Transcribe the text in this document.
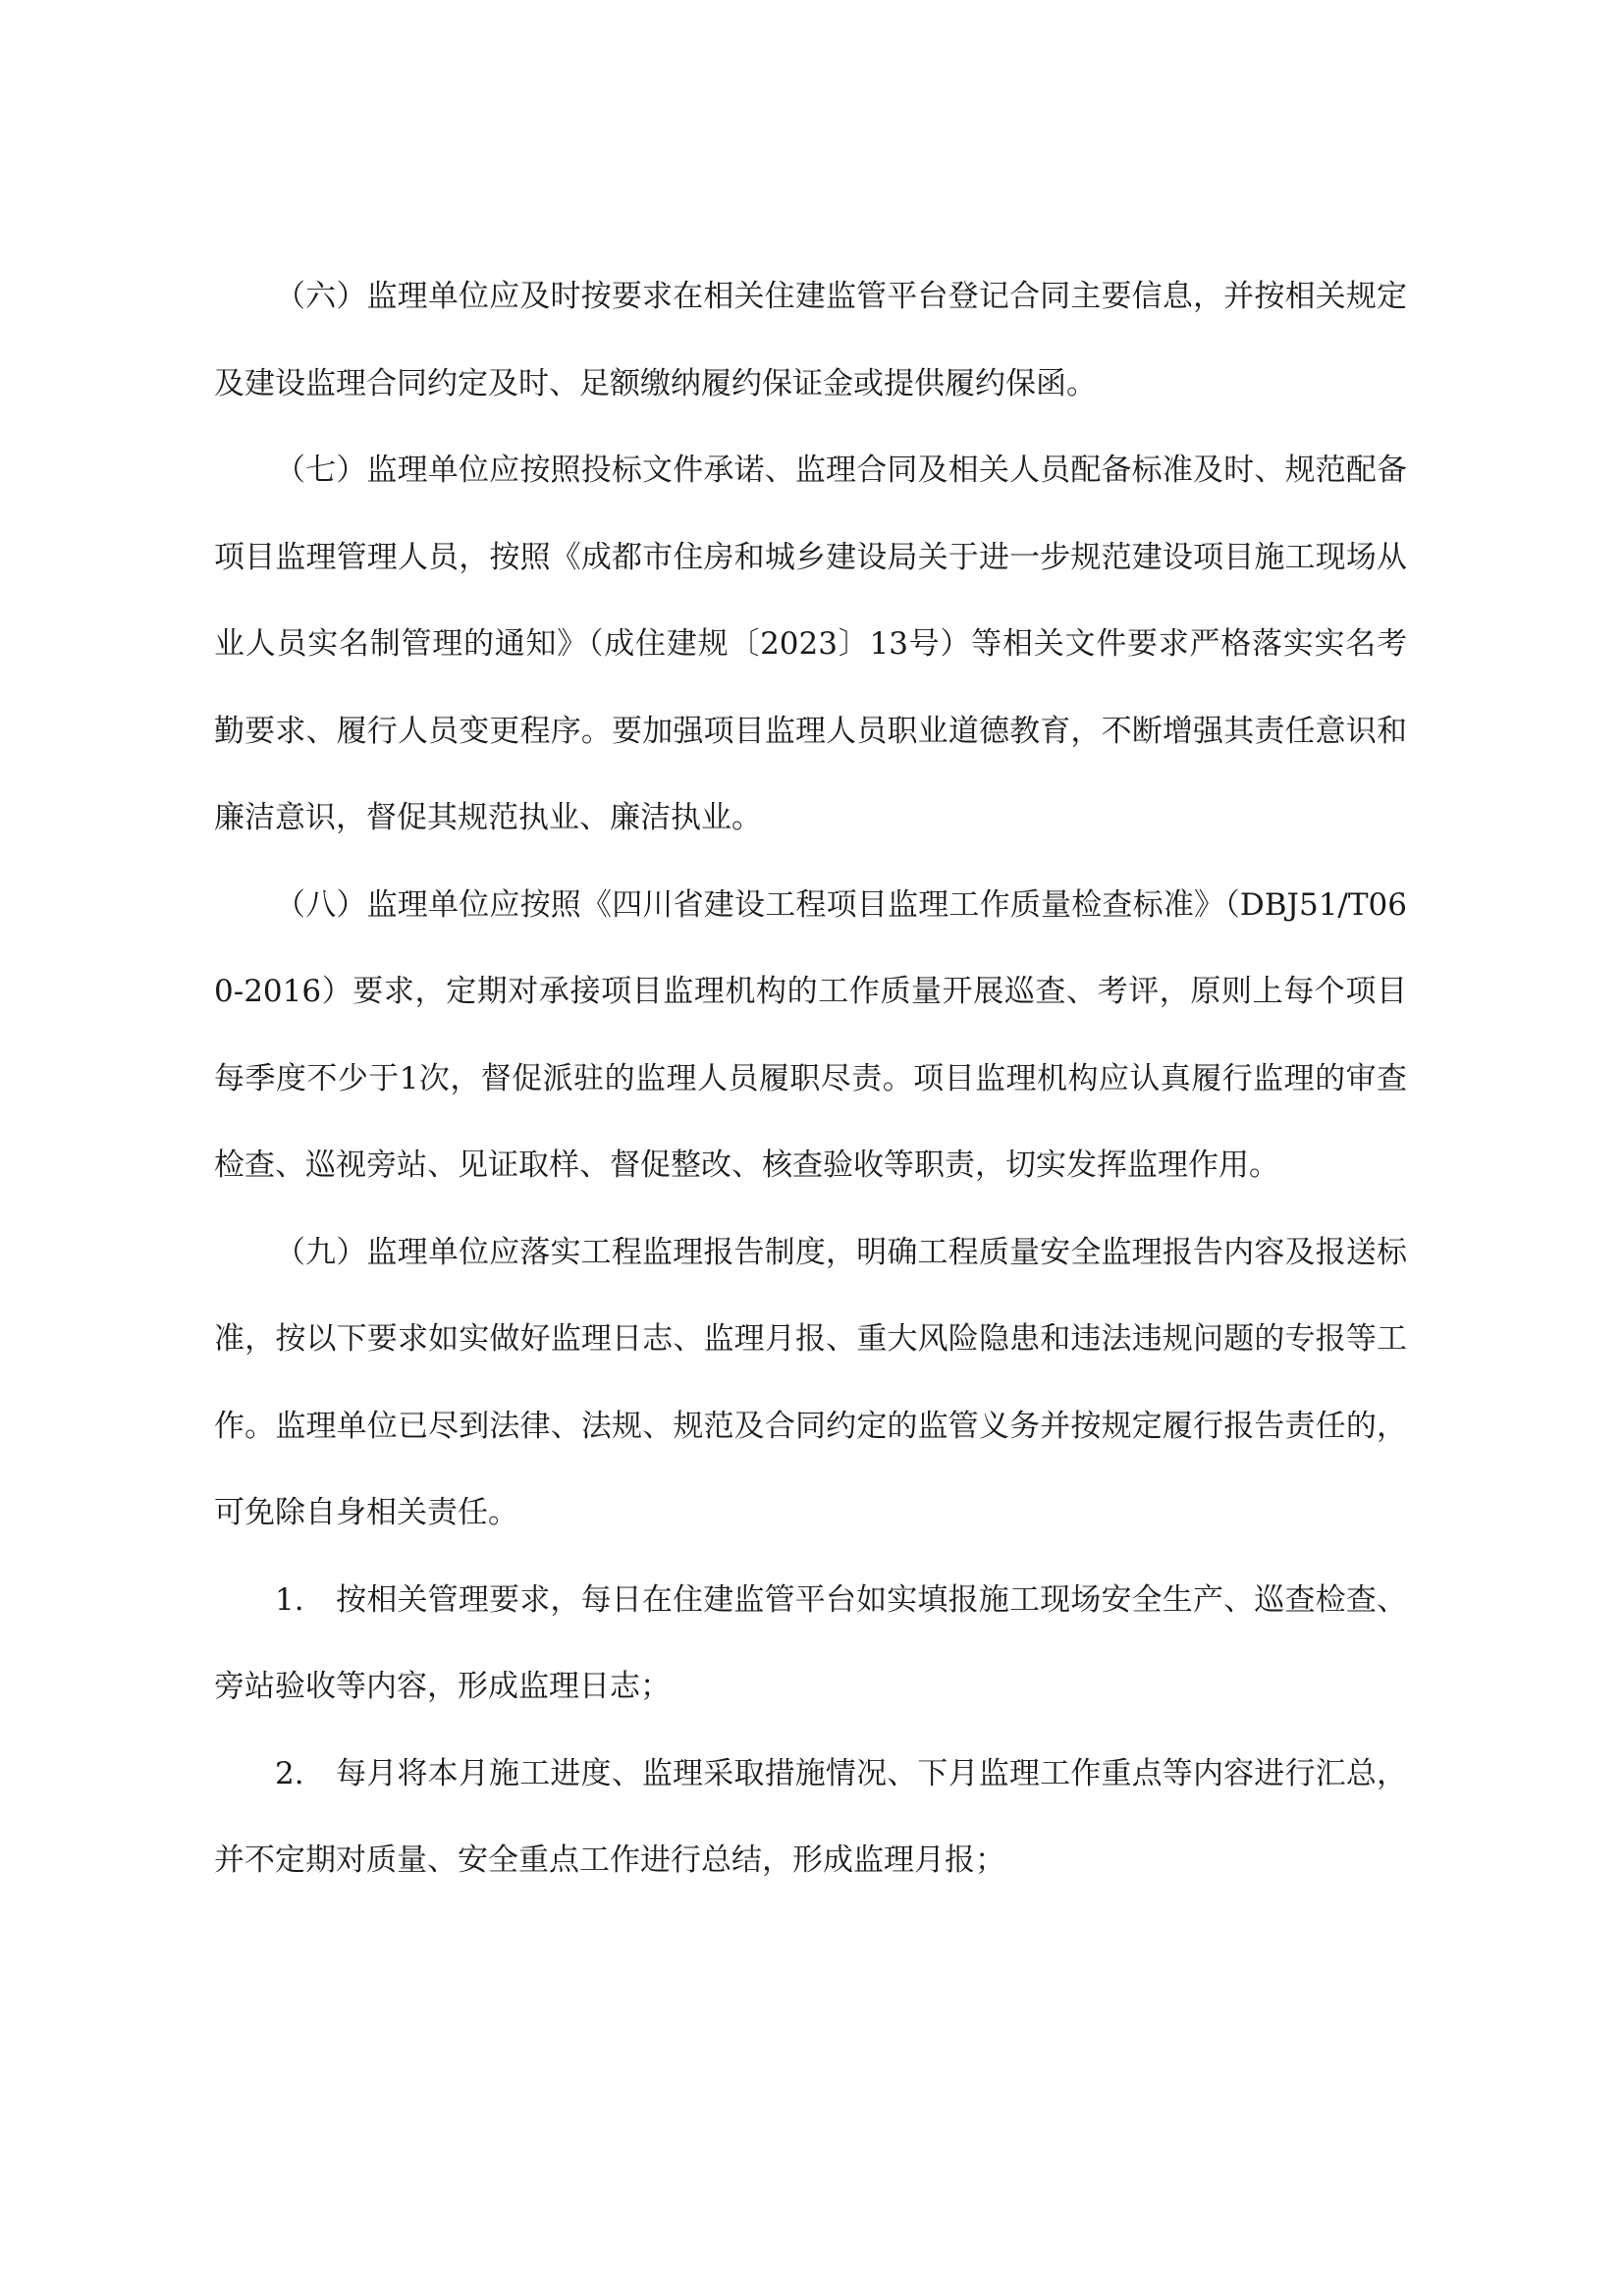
（六）监理单位应及时按要求在相关住建监管平台登记合同主要信息，并按相关规定及建设监理合同约定及时、足额缴纳履约保证金或提供履约保函。

（七）监理单位应按照投标文件承诺、监理合同及相关人员配备标准及时、规范配备项目监理管理人员，按照《成都市住房和城乡建设局关于进一步规范建设项目施工现场从业人员实名制管理的通知》（成住建规〔2023〕13号）等相关文件要求严格落实实名考勤要求、履行人员变更程序。要加强项目监理人员职业道德教育，不断增强其责任意识和廉洁意识，督促其规范执业、廉洁执业。

（八）监理单位应按照《四川省建设工程项目监理工作质量检查标准》（DBJ51/T060-2016）要求，定期对承接项目监理机构的工作质量开展巡查、考评，原则上每个项目每季度不少于1次，督促派驻的监理人员履职尽责。项目监理机构应认真履行监理的审查检查、巡视旁站、见证取样、督促整改、核查验收等职责，切实发挥监理作用。

（九）监理单位应落实工程监理报告制度，明确工程质量安全监理报告内容及报送标准，按以下要求如实做好监理日志、监理月报、重大风险隐患和违法违规问题的专报等工作。监理单位已尽到法律、法规、规范及合同约定的监管义务并按规定履行报告责任的，可免除自身相关责任。

1. 按相关管理要求，每日在住建监管平台如实填报施工现场安全生产、巡查检查、旁站验收等内容，形成监理日志；

2. 每月将本月施工进度、监理采取措施情况、下月监理工作重点等内容进行汇总，并不定期对质量、安全重点工作进行总结，形成监理月报；
